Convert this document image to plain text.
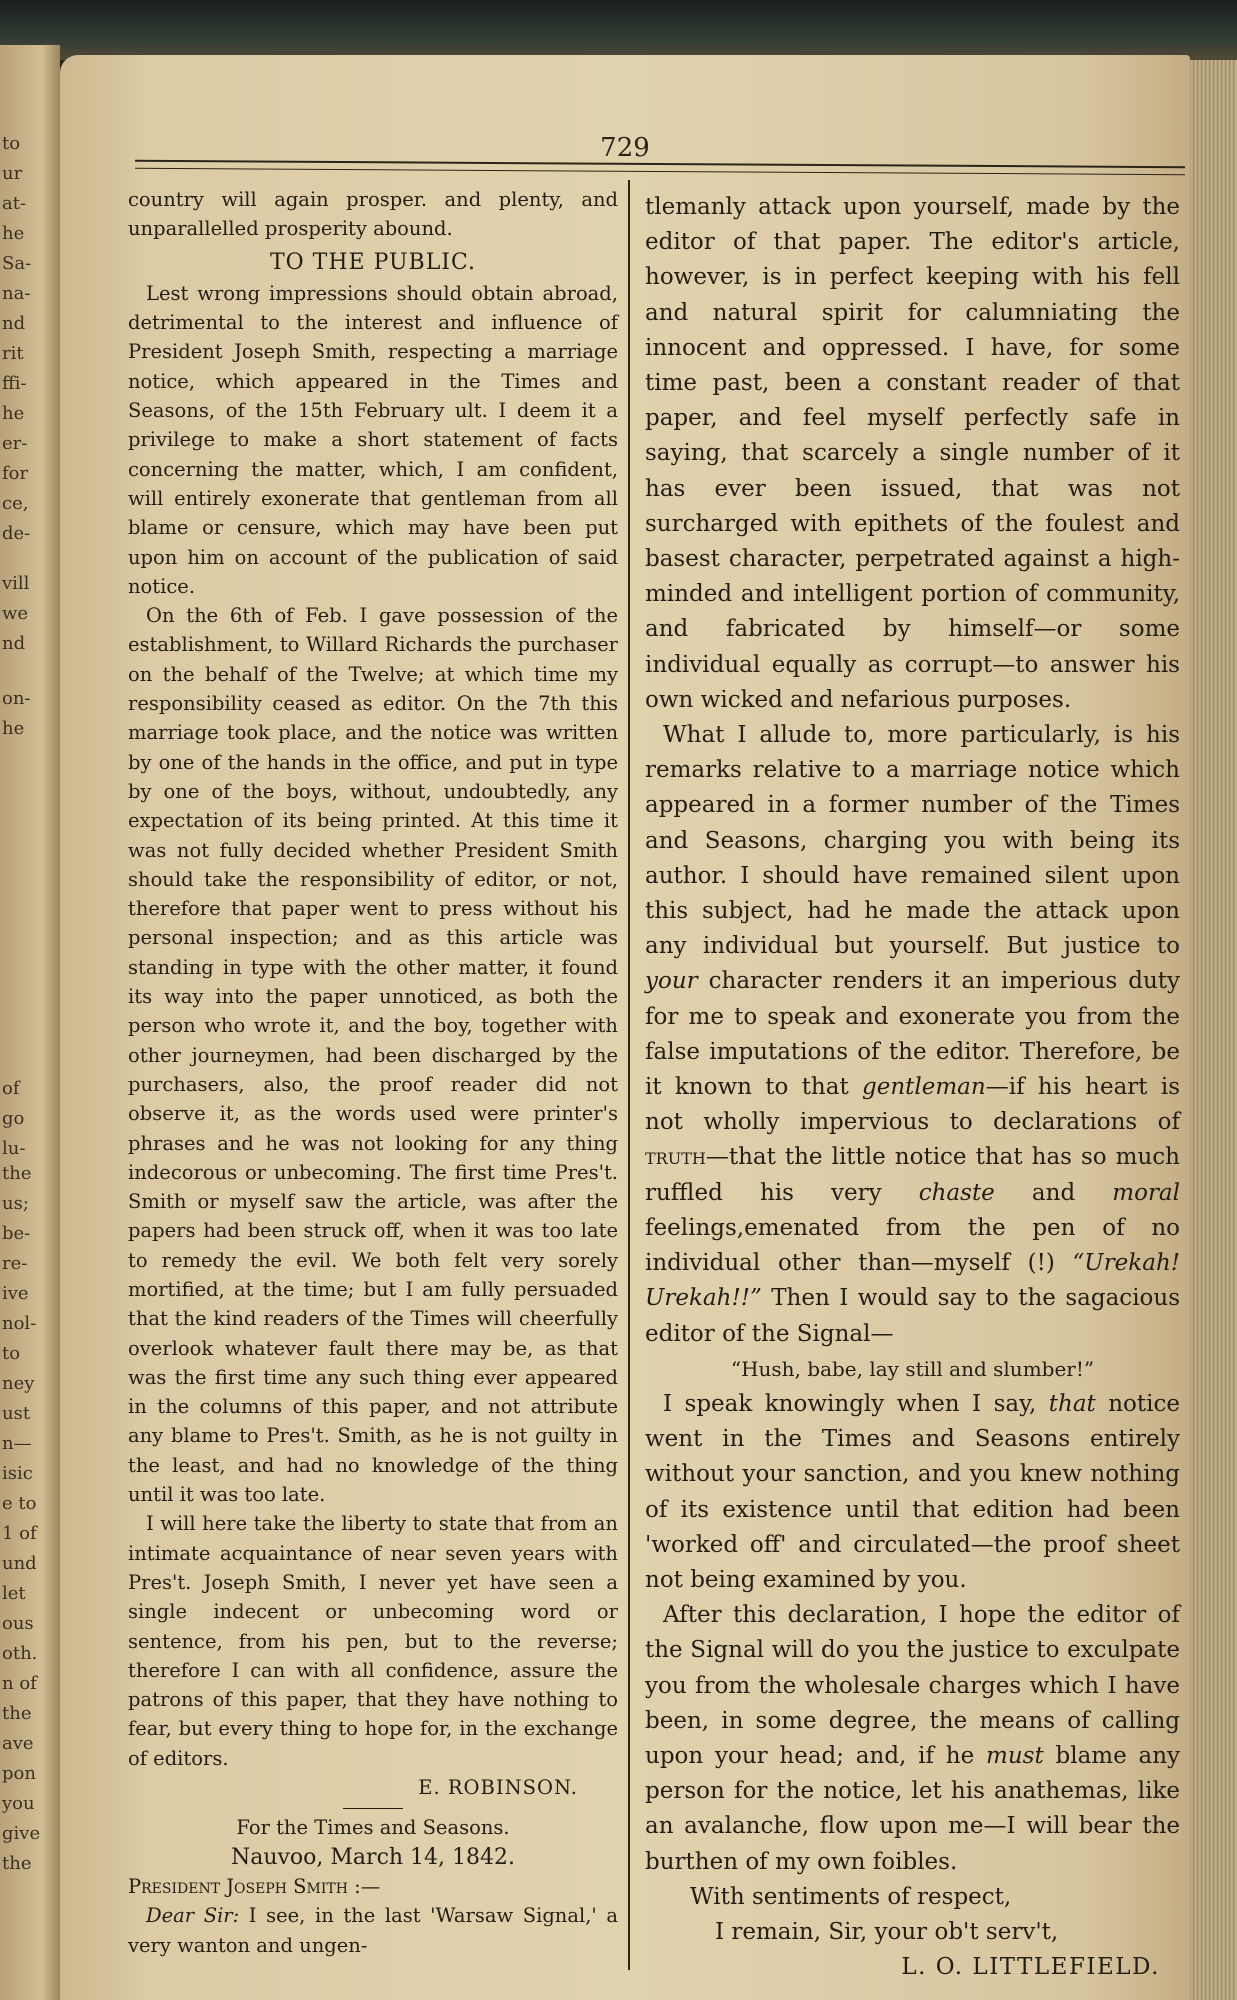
to
ur
at-
he
Sa-
na-
nd
rit
ffi-
he
er-
for
ce,
de-
vill
we
nd
on-
he
of
go
lu-
the
us;
be-
re-
ive
nol-
to
ney
ust
n—
isic
e to
1 of
und
let
ous
oth.
n of
the
ave
pon
you
give
the
729

country will again prosper. and plenty, and unparallelled prosperity abound.

TO THE PUBLIC.

Lest wrong impressions should obtain abroad, detrimental to the interest and influence of President Joseph Smith, respecting a marriage notice, which appeared in the Times and Seasons, of the 15th February ult. I deem it a privilege to make a short statement of facts concerning the matter, which, I am confident, will entirely exonerate that gentleman from all blame or censure, which may have been put upon him on account of the publication of said notice.

On the 6th of Feb. I gave possession of the establishment, to Willard Richards the purchaser on the behalf of the Twelve; at which time my responsibility ceased as editor. On the 7th this marriage took place, and the notice was written by one of the hands in the office, and put in type by one of the boys, without, undoubtedly, any expectation of its being printed. At this time it was not fully decided whether President Smith should take the responsibility of editor, or not, therefore that paper went to press without his personal inspection; and as this article was standing in type with the other matter, it found its way into the paper unnoticed, as both the person who wrote it, and the boy, together with other journeymen, had been discharged by the purchasers, also, the proof reader did not observe it, as the words used were printer's phrases and he was not looking for any thing indecorous or unbecoming. The first time Pres't. Smith or myself saw the article, was after the papers had been struck off, when it was too late to remedy the evil. We both felt very sorely mortified, at the time; but I am fully persuaded that the kind readers of the Times will cheerfully overlook whatever fault there may be, as that was the first time any such thing ever appeared in the columns of this paper, and not attribute any blame to Pres't. Smith, as he is not guilty in the least, and had no knowledge of the thing until it was too late.

I will here take the liberty to state that from an intimate acquaintance of near seven years with Pres't. Joseph Smith, I never yet have seen a single indecent or unbecoming word or sentence, from his pen, but to the reverse; therefore I can with all confidence, assure the patrons of this paper, that they have nothing to fear, but every thing to hope for, in the exchange of editors.

E. ROBINSON.

For the Times and Seasons.

Nauvoo, March 14, 1842.

President Joseph Smith :—

Dear Sir: I see, in the last 'Warsaw Signal,' a very wanton and ungen-

tlemanly attack upon yourself, made by the editor of that paper. The editor's article, however, is in perfect keeping with his fell and natural spirit for calumniating the innocent and oppressed. I have, for some time past, been a constant reader of that paper, and feel myself perfectly safe in saying, that scarcely a single number of it has ever been issued, that was not surcharged with epithets of the foulest and basest character, perpetrated against a high-minded and intelligent portion of community, and fabricated by himself—or some individual equally as corrupt—to answer his own wicked and nefarious purposes.

What I allude to, more particularly, is his remarks relative to a marriage notice which appeared in a former number of the Times and Seasons, charging you with being its author. I should have remained silent upon this subject, had he made the attack upon any individual but yourself. But justice to your character renders it an imperious duty for me to speak and exonerate you from the false imputations of the editor. Therefore, be it known to that gentleman—if his heart is not wholly impervious to declarations of truth—that the little notice that has so much ruffled his very chaste and moral feelings,emenated from the pen of no individual other than—myself (!) “Urekah! Urekah!!” Then I would say to the sagacious editor of the Signal—

“Hush, babe, lay still and slumber!”

I speak knowingly when I say, that notice went in the Times and Seasons entirely without your sanction, and you knew nothing of its existence until that edition had been 'worked off' and circulated—the proof sheet not being examined by you.

After this declaration, I hope the editor of the Signal will do you the justice to exculpate you from the wholesale charges which I have been, in some degree, the means of calling upon your head; and, if he must blame any person for the notice, let his anathemas, like an avalanche, flow upon me—I will bear the burthen of my own foibles.

With sentiments of respect,

I remain, Sir, your ob't serv't,

L. O. LITTLEFIELD.
